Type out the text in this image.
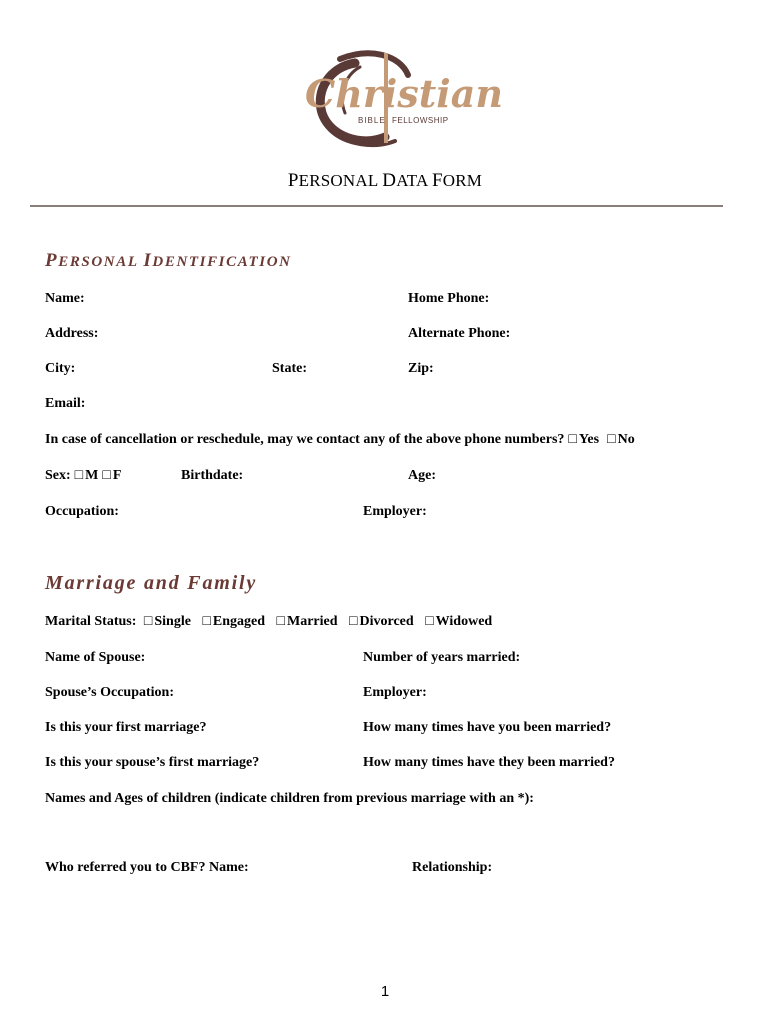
Christian
BIBLE FELLOWSHIP
PERSONAL DATA FORM
PERSONAL IDENTIFICATION
Name:	Home Phone:
Address:	Alternate Phone:
City:	State:	Zip:
Email:
In case of cancellation or reschedule, may we contact any of the above phone numbers? □ Yes □ No
Sex: □ M □ F	Birthdate:	Age:
Occupation:	Employer:
Marriage and Family
Marital Status: □ Single □ Engaged □ Married □ Divorced □ Widowed
Name of Spouse:	Number of years married:
Spouse’s Occupation:	Employer:
Is this your first marriage?	How many times have you been married?
Is this your spouse’s first marriage?	How many times have they been married?
Names and Ages of children (indicate children from previous marriage with an *):
Who referred you to CBF? Name:	Relationship:
1
